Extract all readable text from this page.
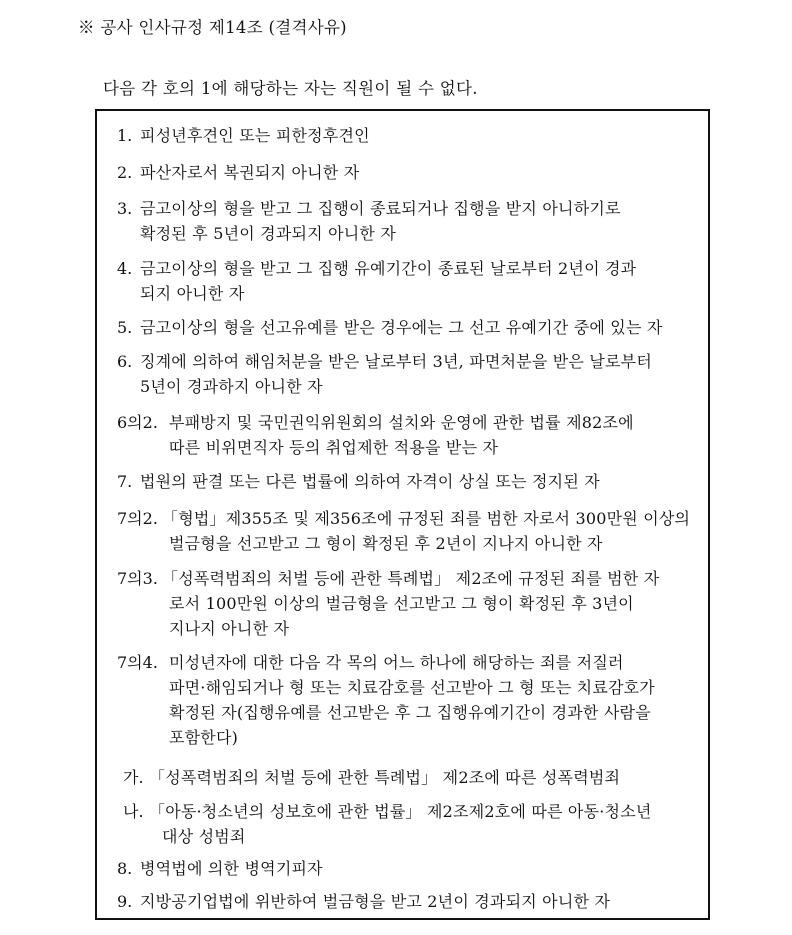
※ 공사 인사규정 제14조 (결격사유)
다음 각 호의 1에 해당하는 자는 직원이 될 수 없다.
1. 피성년후견인 또는 피한정후견인
2. 파산자로서 복권되지 아니한 자
3. 금고이상의 형을 받고 그 집행이 종료되거나 집행을 받지 아니하기로
확정된 후 5년이 경과되지 아니한 자
4. 금고이상의 형을 받고 그 집행 유예기간이 종료된 날로부터 2년이 경과
되지 아니한 자
5. 금고이상의 형을 선고유예를 받은 경우에는 그 선고 유예기간 중에 있는 자
6. 징계에 의하여 해임처분을 받은 날로부터 3년, 파면처분을 받은 날로부터
5년이 경과하지 아니한 자
6의2. 부패방지 및 국민권익위원회의 설치와 운영에 관한 법률 제82조에
따른 비위면직자 등의 취업제한 적용을 받는 자
7. 법원의 판결 또는 다른 법률에 의하여 자격이 상실 또는 정지된 자
7의2. 「형법」제355조 및 제356조에 규정된 죄를 범한 자로서 300만원 이상의
벌금형을 선고받고 그 형이 확정된 후 2년이 지나지 아니한 자
7의3. 「성폭력범죄의 처벌 등에 관한 특례법」 제2조에 규정된 죄를 범한 자
로서 100만원 이상의 벌금형을 선고받고 그 형이 확정된 후 3년이
지나지 아니한 자
7의4. 미성년자에 대한 다음 각 목의 어느 하나에 해당하는 죄를 저질러
파면·해임되거나 형 또는 치료감호를 선고받아 그 형 또는 치료감호가
확정된 자(집행유예를 선고받은 후 그 집행유예기간이 경과한 사람을
포함한다)
가. 「성폭력범죄의 처벌 등에 관한 특례법」 제2조에 따른 성폭력범죄
나. 「아동·청소년의 성보호에 관한 법률」 제2조제2호에 따른 아동·청소년
대상 성범죄
8. 병역법에 의한 병역기피자
9. 지방공기업법에 위반하여 벌금형을 받고 2년이 경과되지 아니한 자
